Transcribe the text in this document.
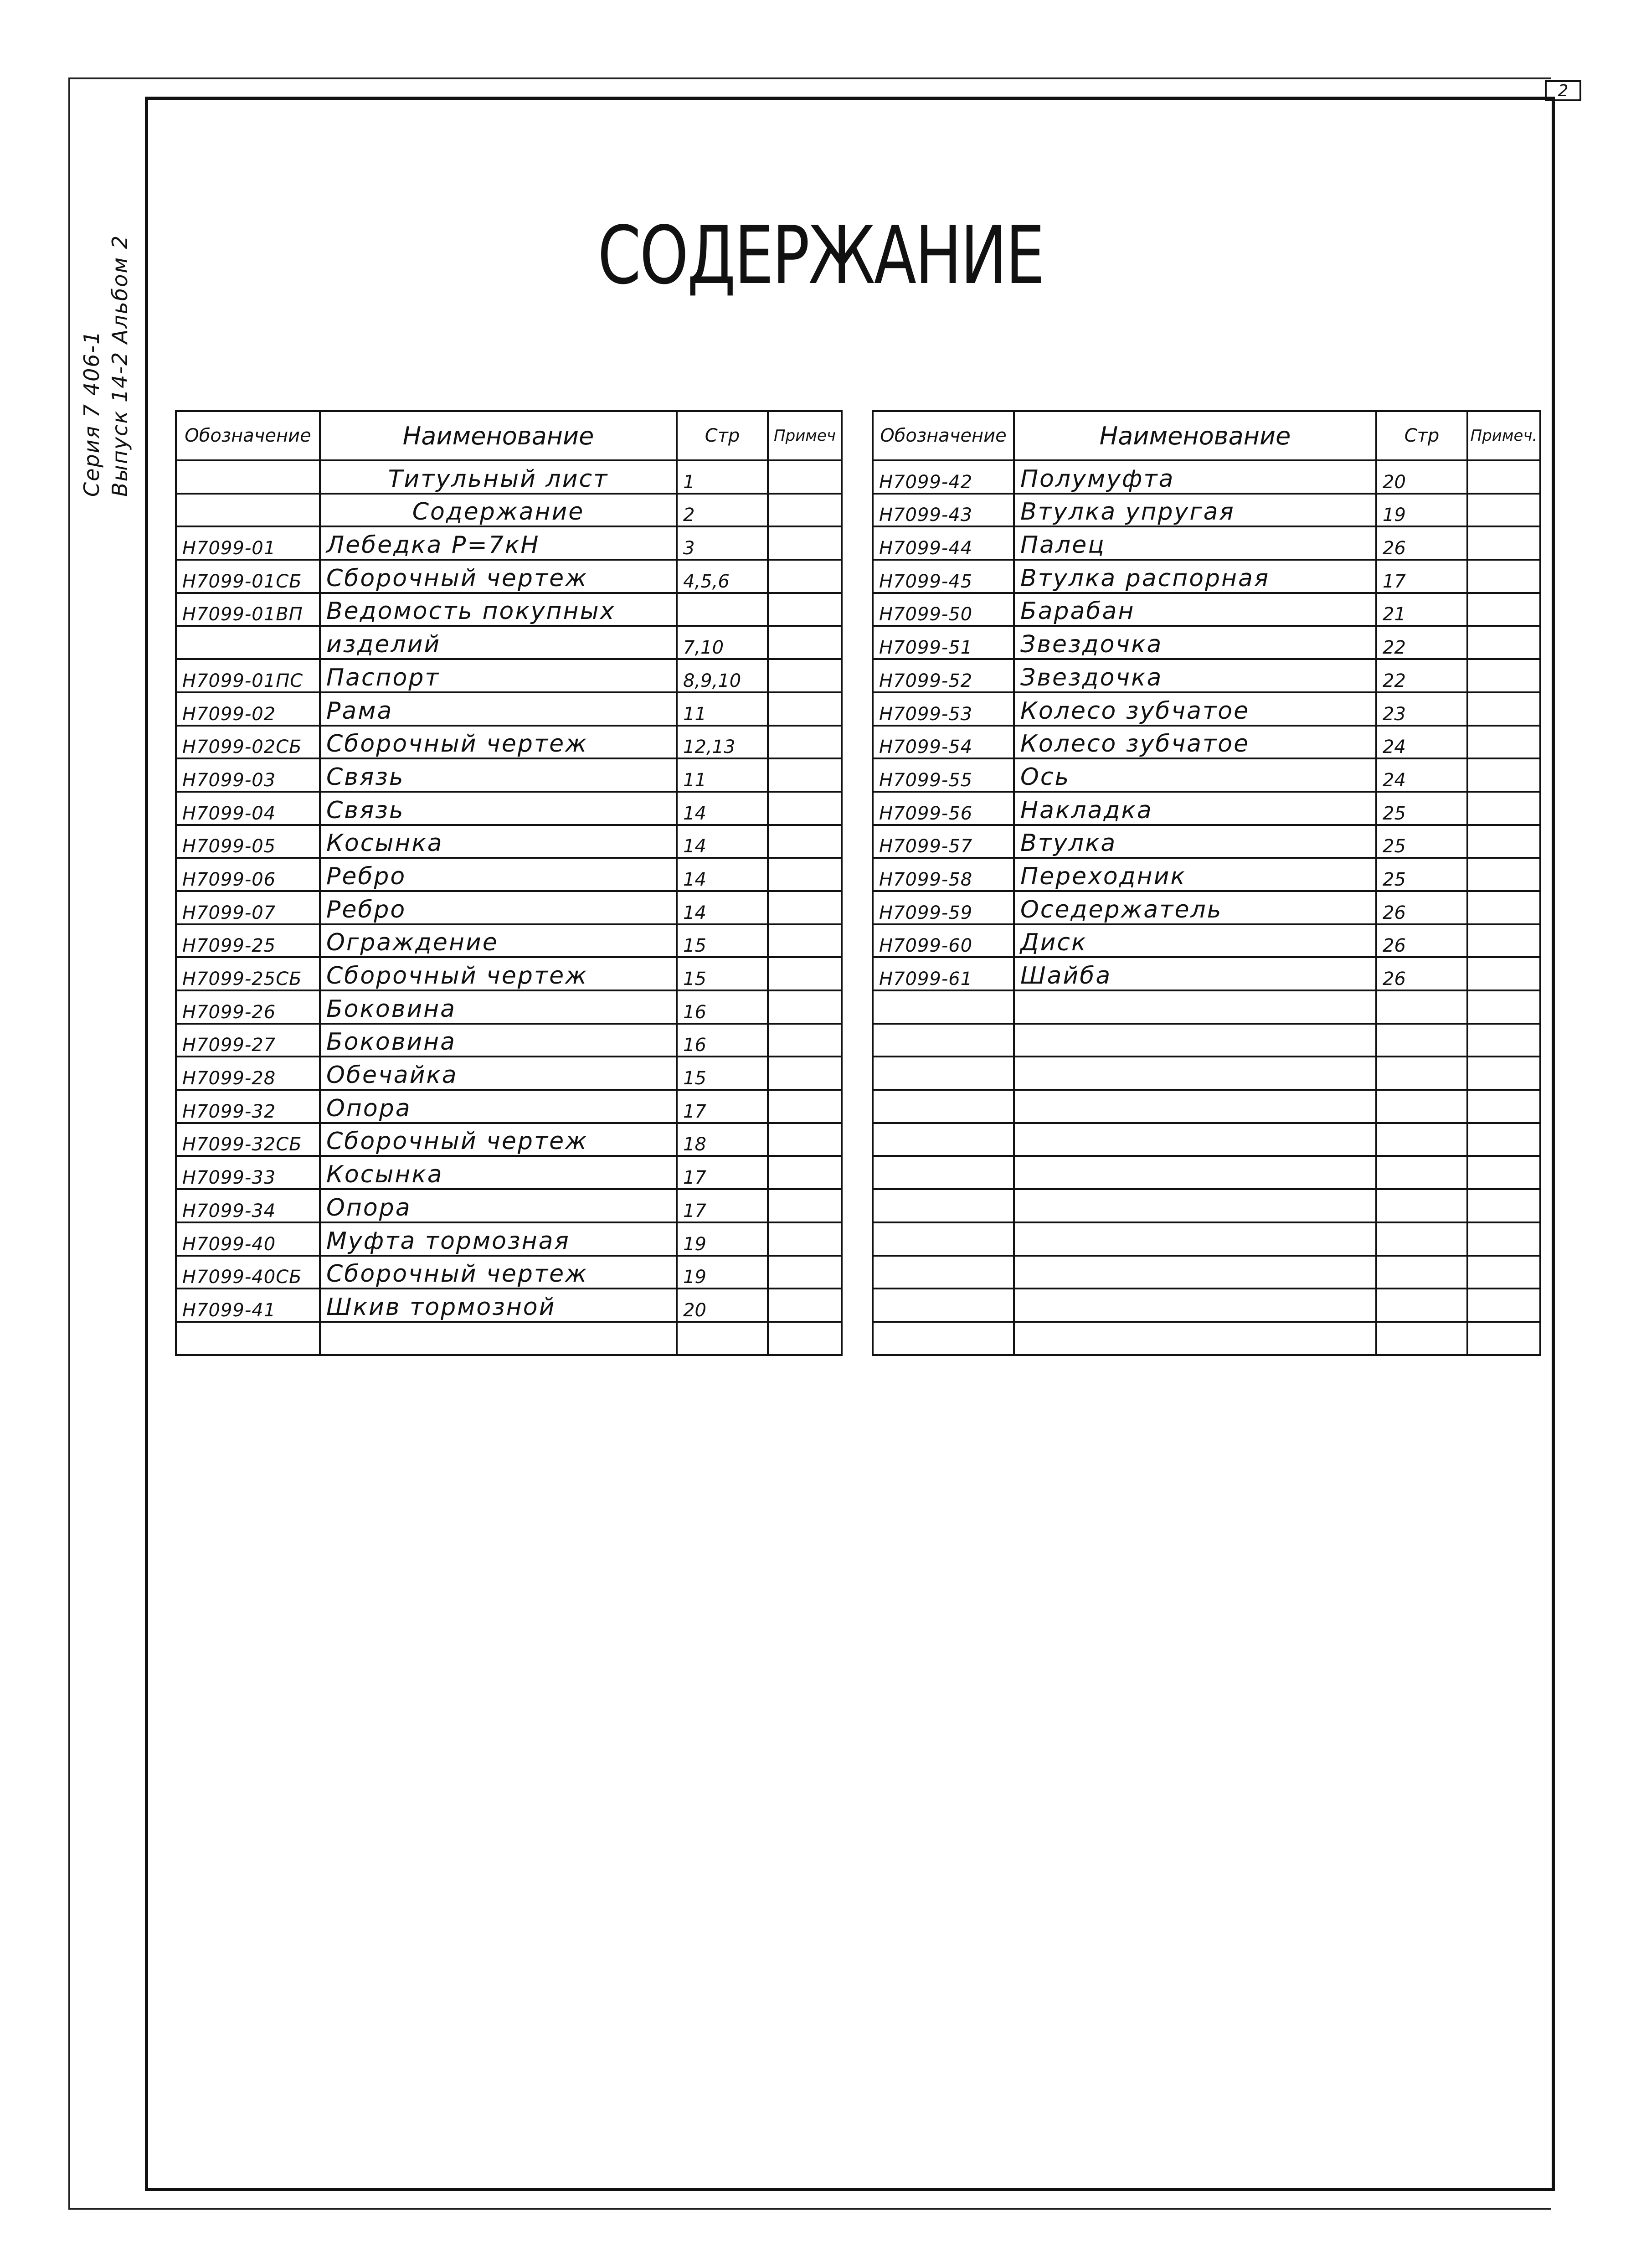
2
Серия 7 406-1 Выпуск 14-2 Альбом 2	СОДЕРЖАНИЕ
Обозначение	Наименование	Стр	Примеч
	Титульный лист	1	
	Содержание	2	
Н7099-01	Лебедка P=7кН	3	
Н7099-01СБ	Сборочный чертеж	4,5,6	
Н7099-01ВП	Ведомость покупных		
	изделий	7,10	
Н7099-01ПС	Паспорт	8,9,10	
Н7099-02	Рама	11	
Н7099-02СБ	Сборочный чертеж	12,13	
Н7099-03	Связь	11	
Н7099-04	Связь	14	
Н7099-05	Косынка	14	
Н7099-06	Ребро	14	
Н7099-07	Ребро	14	
Н7099-25	Ограждение	15	
Н7099-25СБ	Сборочный чертеж	15	
Н7099-26	Боковина	16	
Н7099-27	Боковина	16	
Н7099-28	Обечайка	15	
Н7099-32	Опора	17	
Н7099-32СБ	Сборочный чертеж	18	
Н7099-33	Косынка	17	
Н7099-34	Опора	17	
Н7099-40	Муфта тормозная	19	
Н7099-40СБ	Сборочный чертеж	19	
Н7099-41	Шкив тормозной	20	

Обозначение	Наименование	Стр	Примеч.
Н7099-42	Полумуфта	20	
Н7099-43	Втулка упругая	19	
Н7099-44	Палец	26	
Н7099-45	Втулка распорная	17	
Н7099-50	Барабан	21	
Н7099-51	Звездочка	22	
Н7099-52	Звездочка	22	
Н7099-53	Колесо зубчатое	23	
Н7099-54	Колесо зубчатое	24	
Н7099-55	Ось	24	
Н7099-56	Накладка	25	
Н7099-57	Втулка	25	
Н7099-58	Переходник	25	
Н7099-59	Оседержатель	26	
Н7099-60	Диск	26	
Н7099-61	Шайба	26	
